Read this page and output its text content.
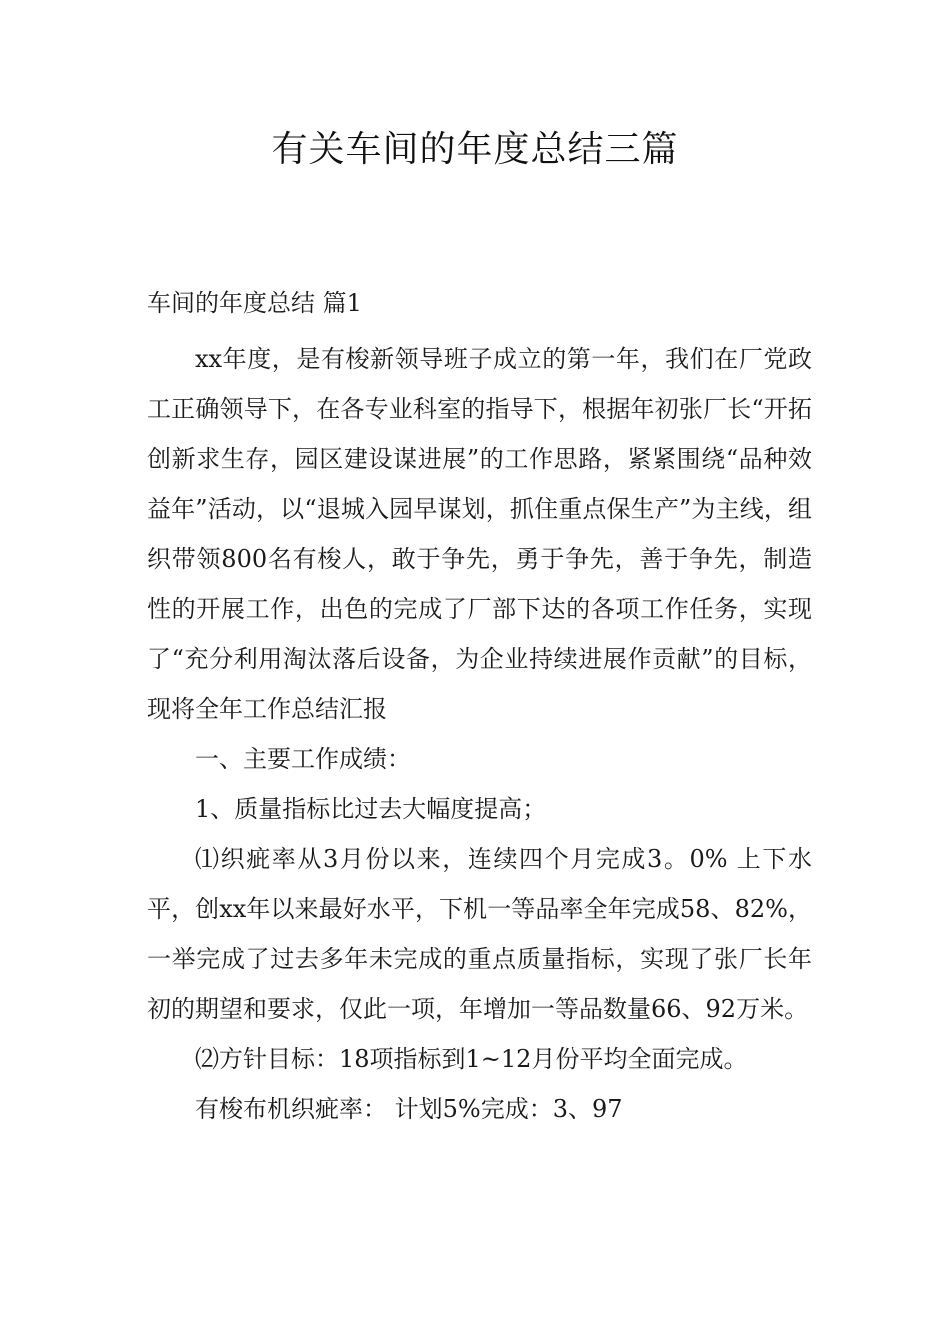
有关车间的年度总结三篇

车间的年度总结 篇1

xx年度，是有梭新领导班子成立的第一年，我们在厂党政工正确领导下，在各专业科室的指导下，根据年初张厂长“开拓创新求生存，园区建设谋进展”的工作思路，紧紧围绕“品种效益年”活动，以“退城入园早谋划，抓住重点保生产”为主线，组织带领800名有梭人，敢于争先，勇于争先，善于争先，制造性的开展工作，出色的完成了厂部下达的各项工作任务，实现了“充分利用淘汰落后设备，为企业持续进展作贡献”的目标，现将全年工作总结汇报

一、主要工作成绩：

1、质量指标比过去大幅度提高；

⑴织疵率从3月份以来，连续四个月完成3。0% 上下水平，创xx年以来最好水平，下机一等品率全年完成58、82%，一举完成了过去多年未完成的重点质量指标，实现了张厂长年初的期望和要求，仅此一项，年增加一等品数量66、92万米。

⑵方针目标：18项指标到1~12月份平均全面完成。

有梭布机织疵率： 计划5%完成：3、97
